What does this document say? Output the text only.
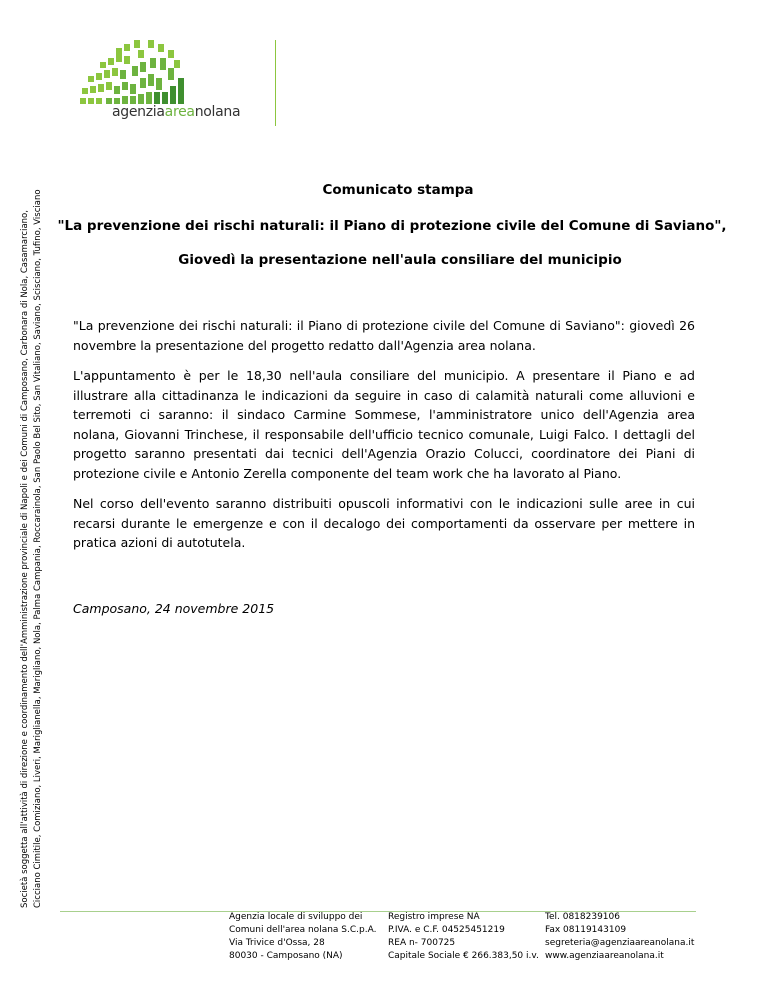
Società soggetta all'attività di direzione e coordinamento dell'Amministrazione provinciale di Napoli e dei Comuni di Camposano, Carbonara di Nola, Casamarciano, Cicciano Cimitile, Comiziano, Liveri, Mariglianella, Marigliano, Nola, Palma Campania, Roccarainola, San Paolo Bel Sito, San Vitaliano, Saviano, Scisciano, Tufino, Visciano
agenziaareanolana
Comunicato stampa
"La prevenzione dei rischi naturali: il Piano di protezione civile del Comune di Saviano",
Giovedì la presentazione nell'aula consiliare del municipio

"La prevenzione dei rischi naturali: il Piano di protezione civile del Comune di Saviano": giovedì 26 novembre la presentazione del progetto redatto dall'Agenzia area nolana.

L'appuntamento è per le 18,30 nell'aula consiliare del municipio. A presentare il Piano e ad illustrare alla cittadinanza le indicazioni da seguire in caso di calamità naturali come alluvioni e terremoti ci saranno: il sindaco Carmine Sommese, l'amministratore unico dell'Agenzia area nolana, Giovanni Trinchese, il responsabile dell'ufficio tecnico comunale, Luigi Falco. I dettagli del progetto saranno presentati dai tecnici dell'Agenzia Orazio Colucci, coordinatore dei Piani di protezione civile e Antonio Zerella componente del team work che ha lavorato al Piano.

Nel corso dell'evento saranno distribuiti opuscoli informativi con le indicazioni sulle aree in cui recarsi durante le emergenze e con il decalogo dei comportamenti da osservare per mettere in pratica azioni di autotutela.

Camposano, 24 novembre 2015
Agenzia locale di sviluppo dei
Comuni dell'area nolana S.C.p.A.
Via Trivice d'Ossa, 28
80030 - Camposano (NA)
Registro imprese NA
P.IVA. e C.F. 04525451219
REA n- 700725
Capitale Sociale € 266.383,50 i.v.
Tel. 0818239106
Fax 08119143109
segreteria@agenziaareanolana.it
www.agenziaareanolana.it
